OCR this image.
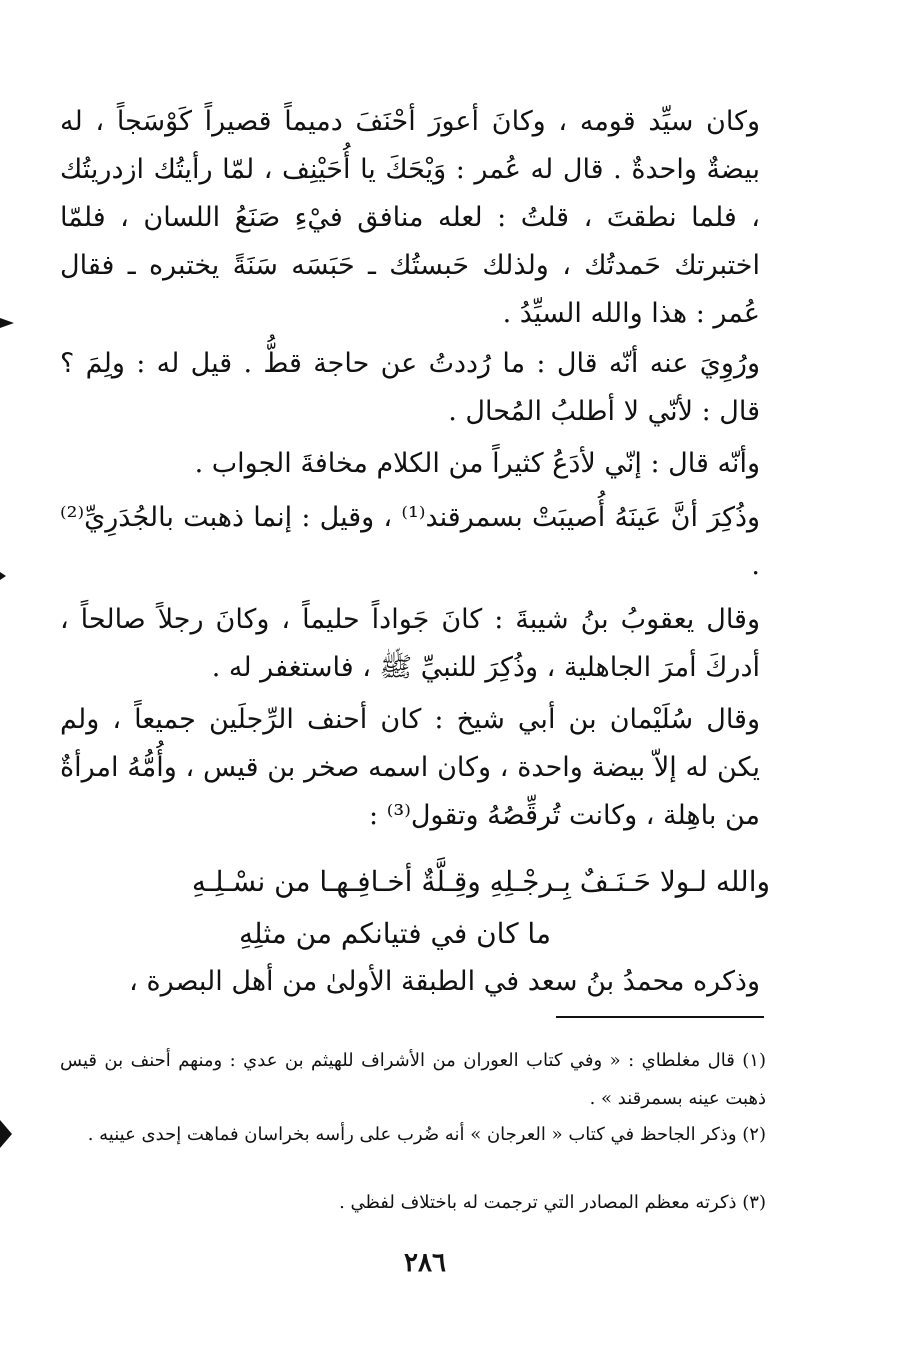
وكان سيِّد قومه ، وكانَ أعورَ أحْنَفَ دميماً قصيراً كَوْسَجاً ، له بيضةٌ واحدةٌ . قال له عُمر : وَيْحَكَ يا أُحَيْنِف ، لمّا رأيتُك ازدريتُك ، فلما نطقتَ ، قلتُ : لعله منافق فيْءِ صَنَعُ اللسان ، فلمّا اختبرتك حَمدتُك ، ولذلك حَبستُك ـ حَبَسَه سَنَةً يختبره ـ فقال عُمر : هذا والله السيِّدُ .

ورُوِيَ عنه أنّه قال : ما رُددتُ عن حاجة قطُّ . قيل له : ولِمَ ؟ قال : لأنّي لا أطلبُ المُحال .

وأنّه قال : إنّي لأدَعُ كثيراً من الكلام مخافةَ الجواب .

وذُكِرَ أنَّ عَينَهُ أُصيبَتْ بسمرقند⁽¹⁾ ، وقيل : إنما ذهبت بالجُدَرِيِّ⁽²⁾ .

وقال يعقوبُ بنُ شيبةَ : كانَ جَواداً حليماً ، وكانَ رجلاً صالحاً ، أدركَ أمرَ الجاهلية ، وذُكِرَ للنبيِّ ﷺ ، فاستغفر له .

وقال سُلَيْمان بن أبي شيخ : كان أحنف الرِّجلَين جميعاً ، ولم يكن له إلاّ بيضة واحدة ، وكان اسمه صخر بن قيس ، وأُمُّهُ امرأةٌ من باهِلة ، وكانت تُرقِّصُهُ وتقول⁽³⁾ :

والله لـولا حَـنَـفٌ بِـرجْـلِهِ وقِـلَّةٌ أخـافِـهـا من نسْـلِـهِ
ما كان في فتيانكم من مثلِهِ

وذكره محمدُ بنُ سعد في الطبقة الأولىٰ من أهل البصرة ،

(١) قال مغلطاي : « وفي كتاب العوران من الأشراف للهيثم بن عدي : ومنهم أحنف بن قيس ذهبت عينه بسمرقند » .

(٢) وذكر الجاحظ في كتاب « العرجان » أنه ضُرب على رأسه بخراسان فماهت إحدى عينيه .

(٣) ذكرته معظم المصادر التي ترجمت له باختلاف لفظي .

٢٨٦
